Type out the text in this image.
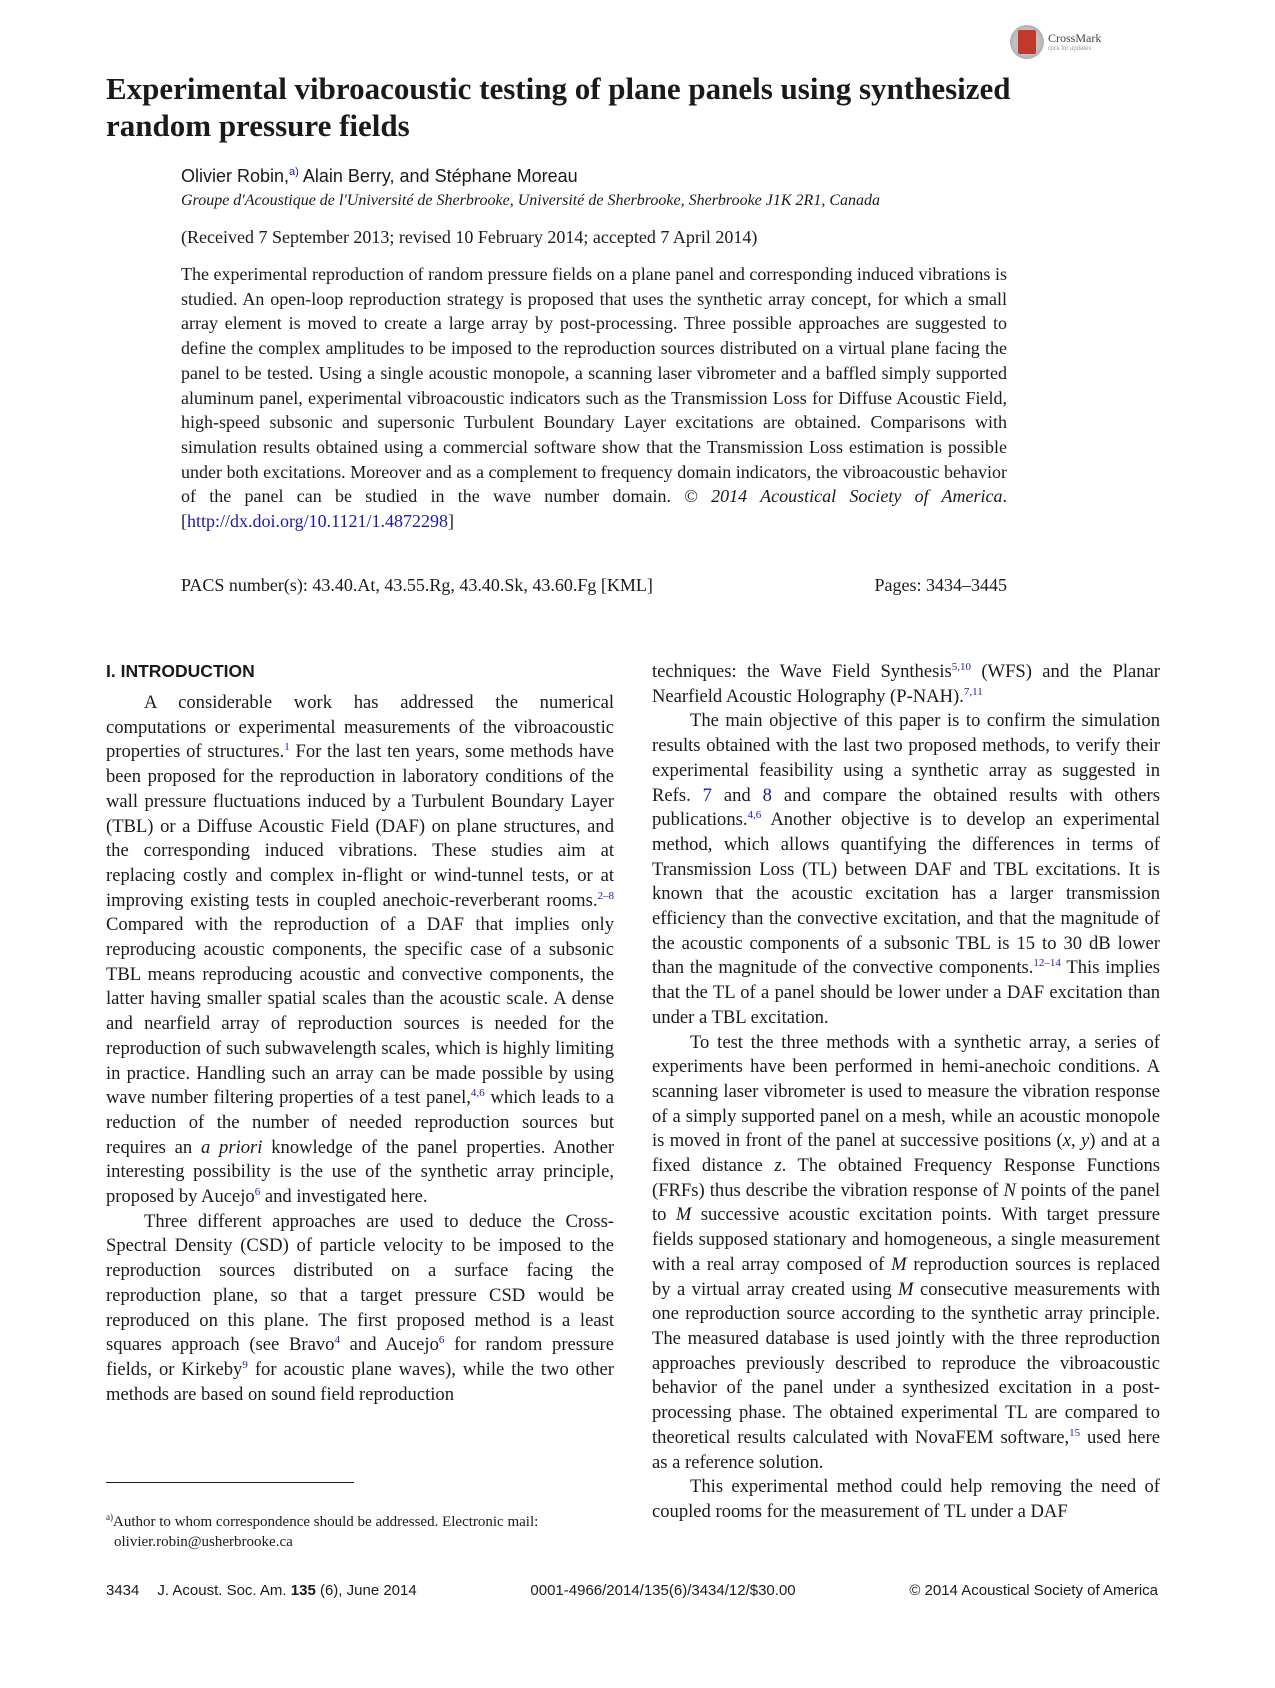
CrossMark
click for updates
Experimental vibroacoustic testing of plane panels using synthesized random pressure fields
Olivier Robin,$^{a)}$ Alain Berry, and Stéphane Moreau
Groupe d'Acoustique de l'Université de Sherbrooke, Université de Sherbrooke, Sherbrooke J1K 2R1, Canada
(Received 7 September 2013; revised 10 February 2014; accepted 7 April 2014)
The experimental reproduction of random pressure fields on a plane panel and corresponding induced vibrations is studied. An open-loop reproduction strategy is proposed that uses the synthetic array concept, for which a small array element is moved to create a large array by post-processing. Three possible approaches are suggested to define the complex amplitudes to be imposed to the reproduction sources distributed on a virtual plane facing the panel to be tested. Using a single acoustic monopole, a scanning laser vibrometer and a baffled simply supported aluminum panel, experimental vibroacoustic indicators such as the Transmission Loss for Diffuse Acoustic Field, high-speed subsonic and supersonic Turbulent Boundary Layer excitations are obtained. Comparisons with simulation results obtained using a commercial software show that the Transmission Loss estimation is possible under both excitations. Moreover and as a complement to frequency domain indicators, the vibroacoustic behavior of the panel can be studied in the wave number domain. © 2014 Acoustical Society of America. [http://dx.doi.org/10.1121/1.4872298]
PACS number(s): 43.40.At, 43.55.Rg, 43.40.Sk, 43.60.Fg [KML]	Pages: 3434–3445
I. INTRODUCTION

A considerable work has addressed the numerical computations or experimental measurements of the vibroacoustic properties of structures.$^1$ For the last ten years, some methods have been proposed for the reproduction in laboratory conditions of the wall pressure fluctuations induced by a Turbulent Boundary Layer (TBL) or a Diffuse Acoustic Field (DAF) on plane structures, and the corresponding induced vibrations. These studies aim at replacing costly and complex in-flight or wind-tunnel tests, or at improving existing tests in coupled anechoic-reverberant rooms.$^{2-8}$ Compared with the reproduction of a DAF that implies only reproducing acoustic components, the specific case of a subsonic TBL means reproducing acoustic and convective components, the latter having smaller spatial scales than the acoustic scale. A dense and nearfield array of reproduction sources is needed for the reproduction of such subwavelength scales, which is highly limiting in practice. Handling such an array can be made possible by using wave number filtering properties of a test panel,$^{4,6}$ which leads to a reduction of the number of needed reproduction sources but requires an a priori knowledge of the panel properties. Another interesting possibility is the use of the synthetic array principle, proposed by Aucejo$^6$ and investigated here.

Three different approaches are used to deduce the Cross-Spectral Density (CSD) of particle velocity to be imposed to the reproduction sources distributed on a surface facing the reproduction plane, so that a target pressure CSD would be reproduced on this plane. The first proposed method is a least squares approach (see Bravo$^4$ and Aucejo$^6$ for random pressure fields, or Kirkeby$^9$ for acoustic plane waves), while the two other methods are based on sound field reproduction

techniques: the Wave Field Synthesis$^{5,10}$ (WFS) and the Planar Nearfield Acoustic Holography (P-NAH).$^{7,11}$

The main objective of this paper is to confirm the simulation results obtained with the last two proposed methods, to verify their experimental feasibility using a synthetic array as suggested in Refs. 7 and 8 and compare the obtained results with others publications.$^{4,6}$ Another objective is to develop an experimental method, which allows quantifying the differences in terms of Transmission Loss (TL) between DAF and TBL excitations. It is known that the acoustic excitation has a larger transmission efficiency than the convective excitation, and that the magnitude of the acoustic components of a subsonic TBL is 15 to 30 dB lower than the magnitude of the convective components.$^{12-14}$ This implies that the TL of a panel should be lower under a DAF excitation than under a TBL excitation.

To test the three methods with a synthetic array, a series of experiments have been performed in hemi-anechoic conditions. A scanning laser vibrometer is used to measure the vibration response of a simply supported panel on a mesh, while an acoustic monopole is moved in front of the panel at successive positions (x, y) and at a fixed distance z. The obtained Frequency Response Functions (FRFs) thus describe the vibration response of N points of the panel to M successive acoustic excitation points. With target pressure fields supposed stationary and homogeneous, a single measurement with a real array composed of M reproduction sources is replaced by a virtual array created using M consecutive measurements with one reproduction source according to the synthetic array principle. The measured database is used jointly with the three reproduction approaches previously described to reproduce the vibroacoustic behavior of the panel under a synthesized excitation in a post-processing phase. The obtained experimental TL are compared to theoretical results calculated with NovaFEM software,$^{15}$ used here as a reference solution.

This experimental method could help removing the need of coupled rooms for the measurement of TL under a DAF

$^{a)}$Author to whom correspondence should be addressed. Electronic mail:
olivier.robin@usherbrooke.ca
3434 J. Acoust. Soc. Am. 135 (6), June 2014	0001-4966/2014/135(6)/3434/12/$30.00	© 2014 Acoustical Society of America
